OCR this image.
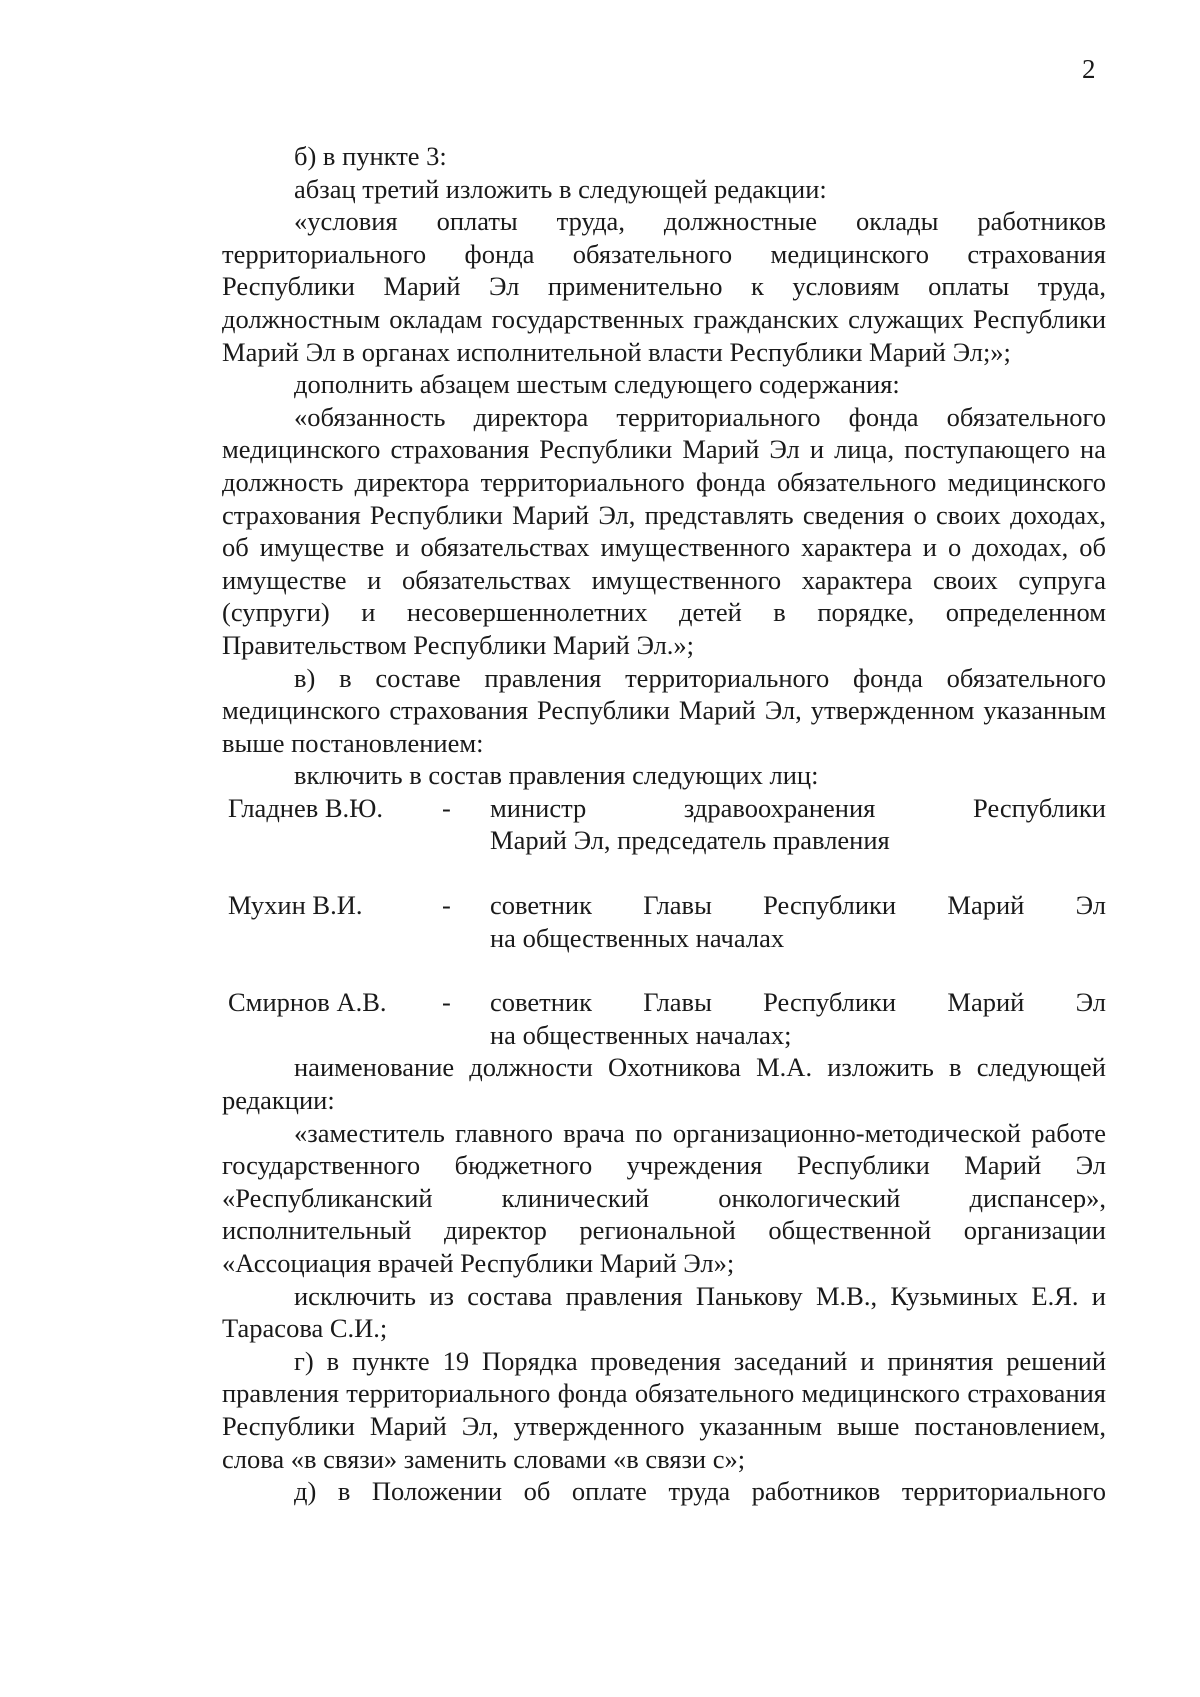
2

б) в пункте 3:

абзац третий изложить в следующей редакции:

«условия оплаты труда, должностные оклады работников территориального фонда обязательного медицинского страхования Республики Марий Эл применительно к условиям оплаты труда, должностным окладам государственных гражданских служащих Республики Марий Эл в органах исполнительной власти Республики Марий Эл;»;

дополнить абзацем шестым следующего содержания:

«обязанность директора территориального фонда обязательного медицинского страхования Республики Марий Эл и лица, поступающего на должность директора территориального фонда обязательного медицинского страхования Республики Марий Эл, представлять сведения о своих доходах, об имуществе и обязательствах имущественного характера и о доходах, об имуществе и обязательствах имущественного характера своих супруга (супруги) и несовершеннолетних детей в порядке, определенном Правительством Республики Марий Эл.»;

в) в составе правления территориального фонда обязательного медицинского страхования Республики Марий Эл, утвержденном указанным выше постановлением:

включить в состав правления следующих лиц:

Гладнев В.Ю.	-	министр здравоохранения Республики
Марий Эл, председатель правления
Мухин В.И.	-	советник Главы Республики Марий Эл
на общественных началах
Смирнов А.В.	-	советник Главы Республики Марий Эл
на общественных началах;

наименование должности Охотникова М.А. изложить в следующей редакции:

«заместитель главного врача по организационно-методической работе государственного бюджетного учреждения Республики Марий Эл «Республиканский клинический онкологический диспансер», исполнительный директор региональной общественной организации «Ассоциация врачей Республики Марий Эл»;

исключить из состава правления Панькову М.В., Кузьминых Е.Я. и Тарасова С.И.;

г) в пункте 19 Порядка проведения заседаний и принятия решений правления территориального фонда обязательного медицинского страхования Республики Марий Эл, утвержденного указанным выше постановлением, слова «в связи» заменить словами «в связи с»;

д) в Положении об оплате труда работников территориального
